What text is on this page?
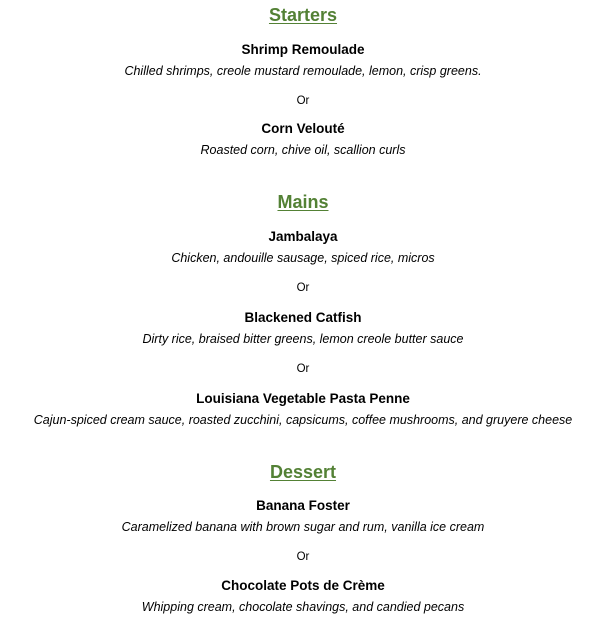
Starters
Shrimp Remoulade
Chilled shrimps, creole mustard remoulade, lemon, crisp greens.
Or
Corn Velouté
Roasted corn, chive oil, scallion curls
Mains
Jambalaya
Chicken, andouille sausage, spiced rice, micros
Or
Blackened Catfish
Dirty rice, braised bitter greens, lemon creole butter sauce
Or
Louisiana Vegetable Pasta Penne
Cajun-spiced cream sauce, roasted zucchini, capsicums, coffee mushrooms, and gruyere cheese
Dessert
Banana Foster
Caramelized banana with brown sugar and rum, vanilla ice cream
Or
Chocolate Pots de Crème
Whipping cream, chocolate shavings, and candied pecans
